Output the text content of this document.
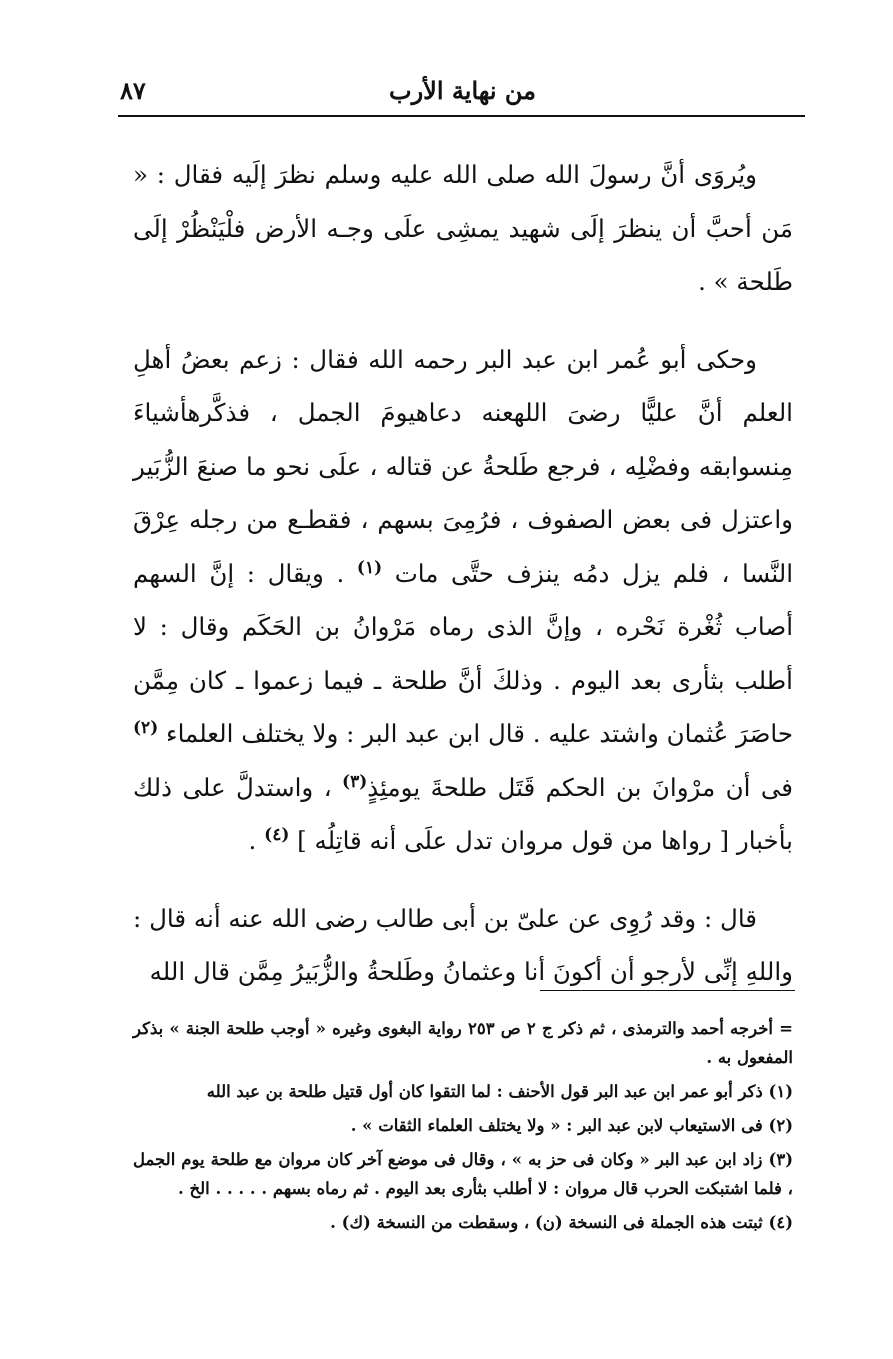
من نهاية الأرب
٨٧

ويُروَى أنَّ رسولَ الله صلى الله عليه وسلم نظرَ إلَيه فقال : « مَن أحبَّ أن ينظرَ إلَى شهيد يمشِى علَى وجـه الأرض فلْيَنْظُرْ إلَى طَلحة » .

وحكى أبو عُمر ابن عبد البر رحمه الله فقال : زعم بعضُ أهلِ العلم أنَّ عليًّا رضىَ اللهعنه دعاهيومَ الجمل ، فذكَّرهأشياءَ مِنسوابقه وفضْلِه ، فرجع طَلحةُ عن قتاله ، علَى نحو ما صنعَ الزُّبَير واعتزل فى بعض الصفوف ، فرُمِىَ بسهم ، فقطـع من رجله عِرْقَ النَّسا ، فلم يزل دمُه ينزف حتَّى مات $^{(١)}$ . ويقال : إنَّ السهم أصاب ثُغْرة نَحْره ، وإنَّ الذى رماه مَرْوانُ بن الحَكَم وقال : لا أطلب بثأرى بعد اليوم . وذلكَ أنَّ طلحة ـ فيما زعموا ـ كان مِمَّن حاصَرَ عُثمان واشتد عليه . قال ابن عبد البر : ولا يختلف العلماء $^{(٢)}$ فى أن مرْوانَ بن الحكم قَتَل طلحةَ يومئِذٍ$^{(٣)}$ ، واستدلَّ على ذلك بأخبار [ رواها من قول مروان تدل علَى أنه قاتِلُه ] $^{(٤)}$ .

قال : وقد رُوِى عن علىّ بن أبى طالب رضى الله عنه أنه قال : واللهِ إنِّى لأرجو أن أكونَ أنا وعثمانُ وطَلحةُ والزُّبَيرُ مِمَّن قال الله

= أخرجه أحمد والترمذى ، ثم ذكر ج ٢ ص ٢٥٣ رواية البغوى وغيره « أوجب طلحة الجنة » بذكر المفعول به .

(١) ذكر أبو عمر ابن عبد البر قول الأحنف : لما التقوا كان أول قتيل طلحة بن عبد الله

(٢) فى الاستيعاب لابن عبد البر : « ولا يختلف العلماء الثقات » .

(٣) زاد ابن عبد البر « وكان فى حز به » ، وقال فى موضع آخر كان مروان مع طلحة يوم الجمل ، فلما اشتبكت الحرب قال مروان : لا أطلب بثأرى بعد اليوم . ثم رماه بسهم . . . . . الخ .

(٤) ثبتت هذه الجملة فى النسخة (ن) ، وسقطت من النسخة (ك) .
